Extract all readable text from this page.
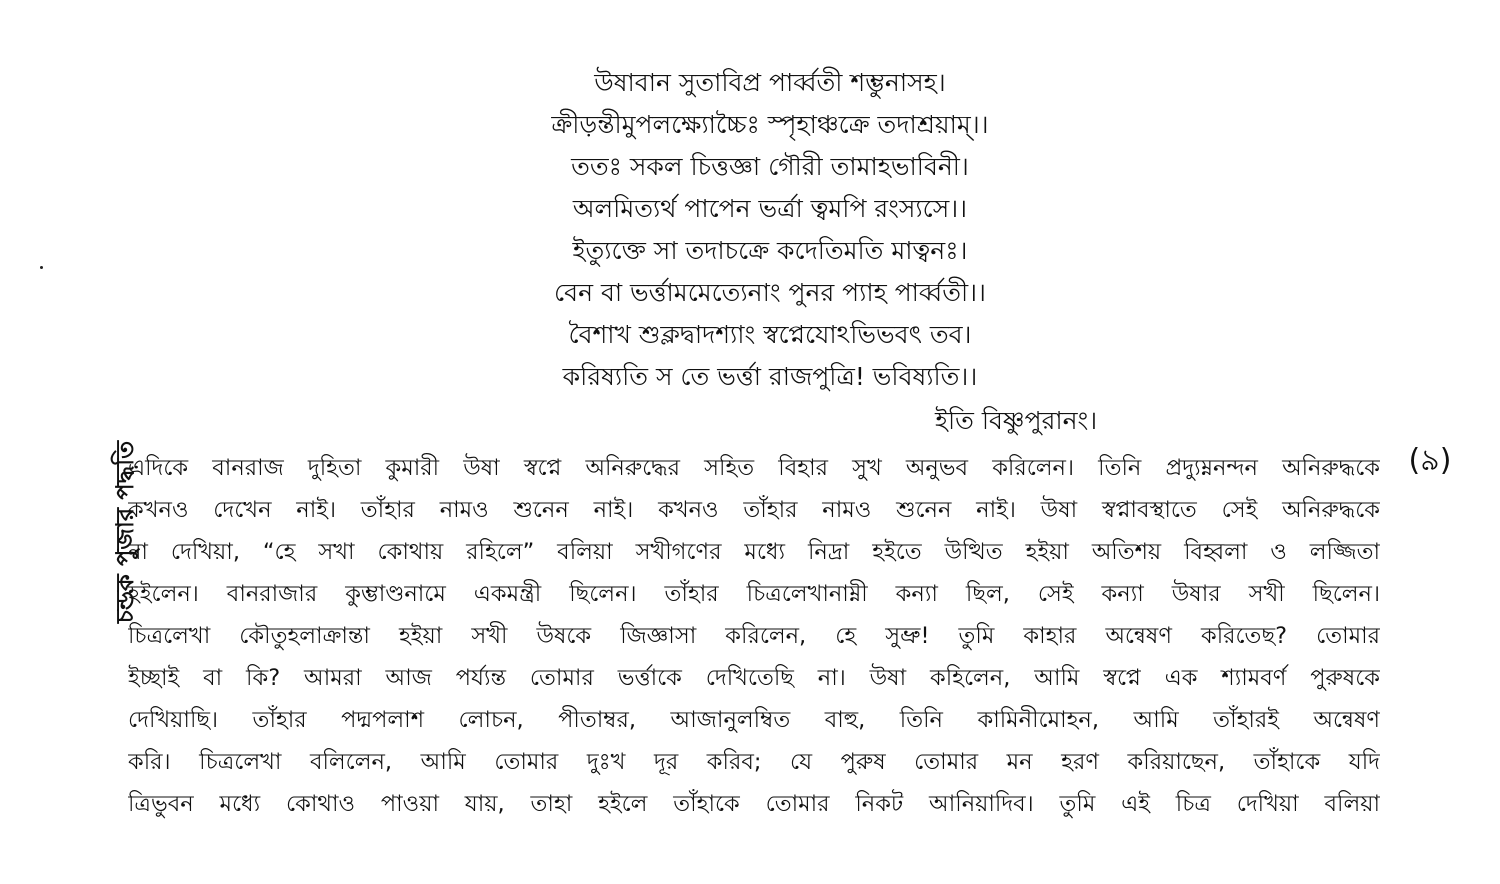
উষাবান সুতাবিপ্র পার্ব্বতী শম্ভুনাসহ।
ক্রীড়ন্তীমুপলক্ষ্যোচ্চৈঃ স্পৃহাঞ্চক্রে তদাশ্রয়াম্।।
ততঃ সকল চিত্তজ্ঞা গৌরী তামাহভাবিনী।
অলমিত্যর্থ পাপেন ভর্ত্রা ত্বমপি রংস্যসে।।
ইত্যুক্তে সা তদাচক্রে কদেতিমতি মাত্বনঃ।
বেন বা ভর্ত্তামমেত্যেনাং পুনর প্যাহ পার্ব্বতী।।
বৈশাখ শুক্লদ্বাদশ্যাং স্বপ্নেযোঽভিভবৎ তব।
করিষ্যতি স তে ভর্ত্তা রাজপুত্রি! ভবিষ্যতি।।
ইতি বিষ্ণুপুরানং।
এদিকে বানরাজ দুহিতা কুমারী উষা স্বপ্নে অনিরুদ্ধের সহিত বিহার সুখ অনুভব করিলেন। তিনি প্রদ্যুম্ননন্দন অনিরুদ্ধকে
কখনও দেখেন নাই। তাঁহার নামও শুনেন নাই। কখনও তাঁহার নামও শুনেন নাই। উষা স্বপ্নাবস্থাতে সেই অনিরুদ্ধকে
না দেখিয়া, “হে সখা কোথায় রহিলে” বলিয়া সখীগণের মধ্যে নিদ্রা হইতে উত্থিত হইয়া অতিশয় বিহ্বলা ও লজ্জিতা
হইলেন। বানরাজার কুম্ভাণ্ডনামে একমন্ত্রী ছিলেন। তাঁহার চিত্রলেখানাম্নী কন্যা ছিল, সেই কন্যা উষার সখী ছিলেন।
চিত্রলেখা কৌতুহলাক্রান্তা হইয়া সখী উষকে জিজ্ঞাসা করিলেন, হে সুভ্রু! তুমি কাহার অন্বেষণ করিতেছ? তোমার
ইচ্ছাই বা কি? আমরা আজ পর্য্যন্ত তোমার ভর্ত্তাকে দেখিতেছি না। উষা কহিলেন, আমি স্বপ্নে এক শ্যামবর্ণ পুরুষকে
দেখিয়াছি। তাঁহার পদ্মপলাশ লোচন, পীতাম্বর, আজানুলম্বিত বাহু, তিনি কামিনীমোহন, আমি তাঁহারই অন্বেষণ
করি। চিত্রলেখা বলিলেন, আমি তোমার দুঃখ দূর করিব; যে পুরুষ তোমার মন হরণ করিয়াছেন, তাঁহাকে যদি
ত্রিভুবন মধ্যে কোথাও পাওয়া যায়, তাহা হইলে তাঁহাকে তোমার নিকট আনিয়াদিব। তুমি এই চিত্র দেখিয়া বলিয়া
চন্ডক পুজার পদ্ধতি	(৯)
